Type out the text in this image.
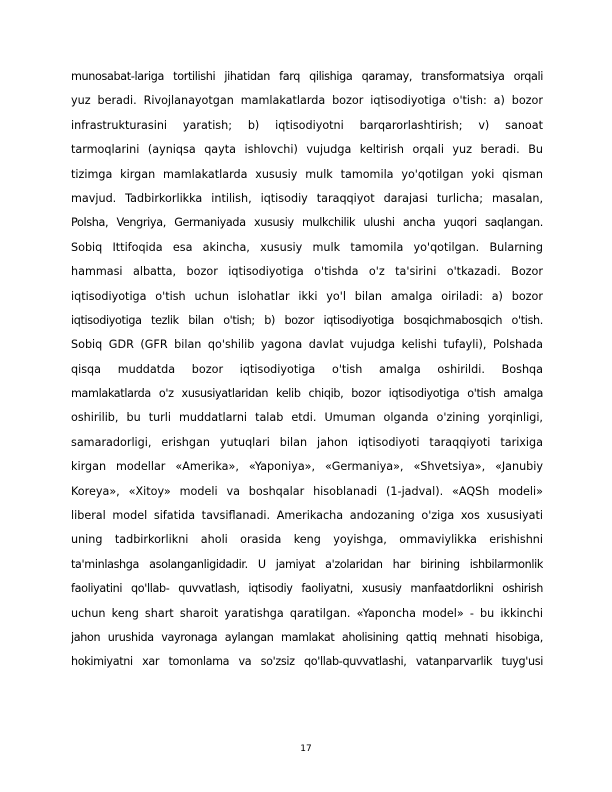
munosabat-lariga tortilishi jihatidan farq qilishiga qaramay, transformatsiya orqali
yuz beradi. Rivojlanayotgan mamlakatlarda bozor iqtisodiyotiga o'tish: a) bozor
infrastrukturasini yaratish; b) iqtisodiyotni barqarorlashtirish; v) sanoat
tarmoqlarini (ayniqsa qayta ishlovchi) vujudga keltirish orqali yuz beradi. Bu
tizimga kirgan mamlakatlarda xususiy mulk tamomila yo'qotilgan yoki qisman
mavjud. Tadbirkorlikka intilish, iqtisodiy taraqqiyot darajasi turlicha; masalan,
Polsha, Vengriya, Germaniyada xususiy mulkchilik ulushi ancha yuqori saqlangan.
Sobiq Ittifoqida esa akincha, xususiy mulk tamomila yo'qotilgan. Bularning
hammasi albatta, bozor iqtisodiyotiga o'tishda o'z ta'sirini o'tkazadi. Bozor
iqtisodiyotiga o'tish uchun islohatlar ikki yo'l bilan amalga oiriladi: a) bozor
iqtisodiyotiga tezlik bilan o'tish; b) bozor iqtisodiyotiga bosqichmabosqich o'tish.
Sobiq GDR (GFR bilan qo'shilib yagona davlat vujudga kelishi tufayli), Polshada
qisqa muddatda bozor iqtisodiyotiga o'tish amalga oshirildi. Boshqa
mamlakatlarda o'z xususiyatlaridan kelib chiqib, bozor iqtisodiyotiga o'tish amalga
oshirilib, bu turli muddatlarni talab etdi. Umuman olganda o'zining yorqinligi,
samaradorligi, erishgan yutuqlari bilan jahon iqtisodiyoti taraqqiyoti tarixiga
kirgan modellar «Amerika», «Yaponiya», «Germaniya», «Shvetsiya», «Janubiy
Koreya», «Xitoy» modeli va boshqalar hisoblanadi (1-jadval). «AQSh modeli»
liberal model sifatida tavsiflanadi. Amerikacha andozaning o'ziga xos xususiyati
uning tadbirkorlikni aholi orasida keng yoyishga, ommaviylikka erishishni
ta'minlashga asolanganligidadir. U jamiyat a'zolaridan har birining ishbilarmonlik
faoliyatini qo'llab- quvvatlash, iqtisodiy faoliyatni, xususiy manfaatdorlikni oshirish
uchun keng shart sharoit yaratishga qaratilgan. «Yaponcha model» - bu ikkinchi
jahon urushida vayronaga aylangan mamlakat aholisining qattiq mehnati hisobiga,
hokimiyatni xar tomonlama va so'zsiz qo'llab-quvvatlashi, vatanparvarlik tuyg'usi
17
